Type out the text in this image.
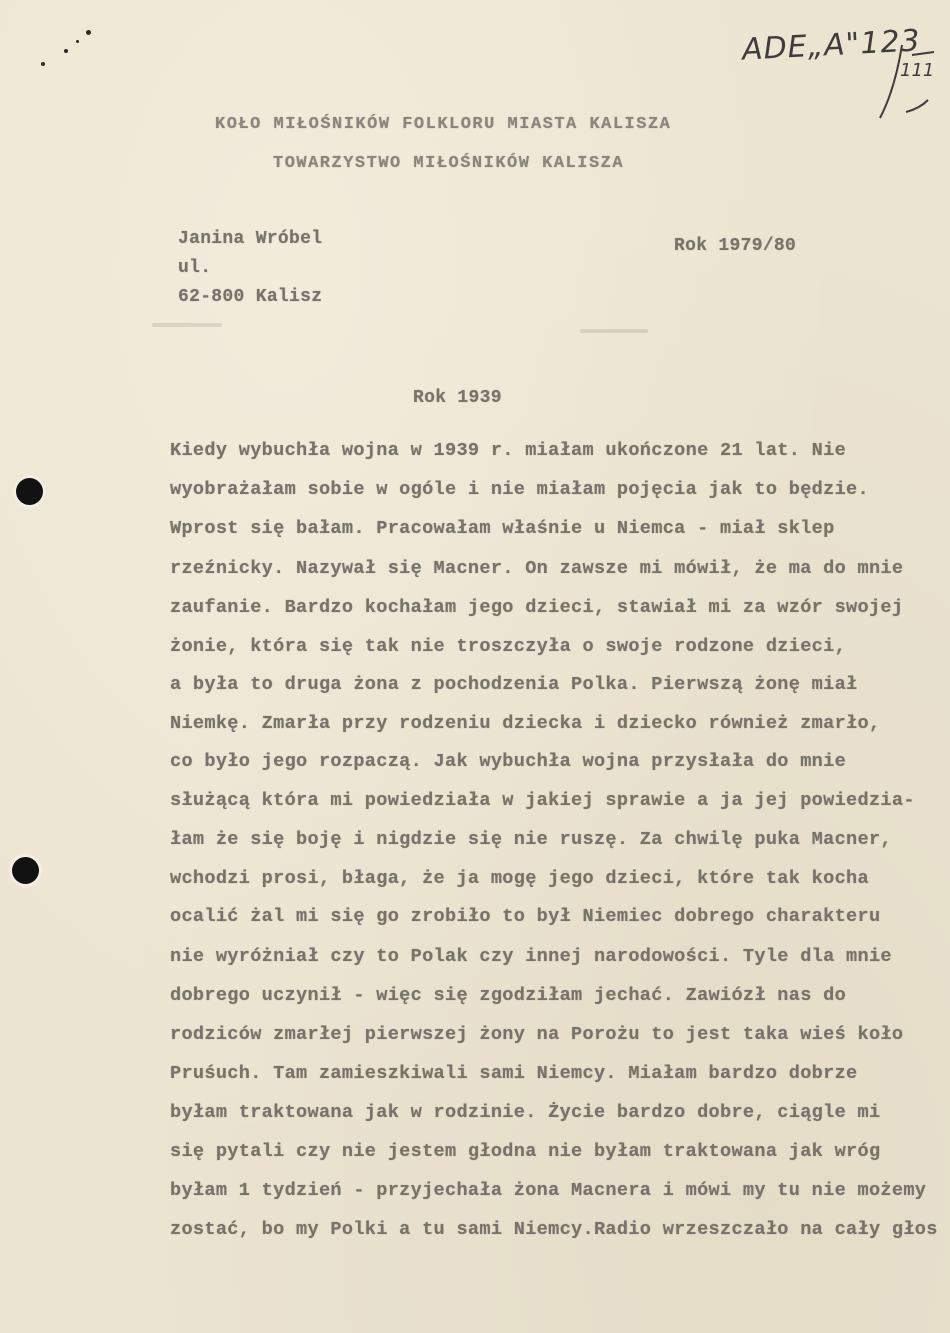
ADE„A"123
111
KOŁO MIŁOŚNIKÓW FOLKLORU MIASTA KALISZA
TOWARZYSTWO MIŁOŚNIKÓW KALISZA
Janina Wróbel
ul.
62-800 Kalisz
Rok 1979/80
Rok 1939
Kiedy wybuchła wojna w 1939 r. miałam ukończone 21 lat. Nie
wyobrażałam sobie w ogóle i nie miałam pojęcia jak to będzie.
Wprost się bałam. Pracowałam właśnie u Niemca - miał sklep
rzeźnicky. Nazywał się Macner. On zawsze mi mówił, że ma do mnie
zaufanie. Bardzo kochałam jego dzieci, stawiał mi za wzór swojej
żonie, która się tak nie troszczyła o swoje rodzone dzieci,
a była to druga żona z pochodzenia Polka. Pierwszą żonę miał
Niemkę. Zmarła przy rodzeniu dziecka i dziecko również zmarło,
co było jego rozpaczą. Jak wybuchła wojna przysłała do mnie
służącą która mi powiedziała w jakiej sprawie a ja jej powiedzia-
łam że się boję i nigdzie się nie ruszę. Za chwilę puka Macner,
wchodzi prosi, błaga, że ja mogę jego dzieci, które tak kocha
ocalić żal mi się go zrobiło to był Niemiec dobrego charakteru
nie wyróżniał czy to Polak czy innej narodowości. Tyle dla mnie
dobrego uczynił - więc się zgodziłam jechać. Zawiózł nas do
rodziców zmarłej pierwszej żony na Porożu to jest taka wieś koło
Pruśuch. Tam zamieszkiwali sami Niemcy. Miałam bardzo dobrze
byłam traktowana jak w rodzinie. Życie bardzo dobre, ciągle mi
się pytali czy nie jestem głodna nie byłam traktowana jak wróg
byłam 1 tydzień - przyjechała żona Macnera i mówi my tu nie możemy
zostać, bo my Polki a tu sami Niemcy.Radio wrzeszczało na cały głos
